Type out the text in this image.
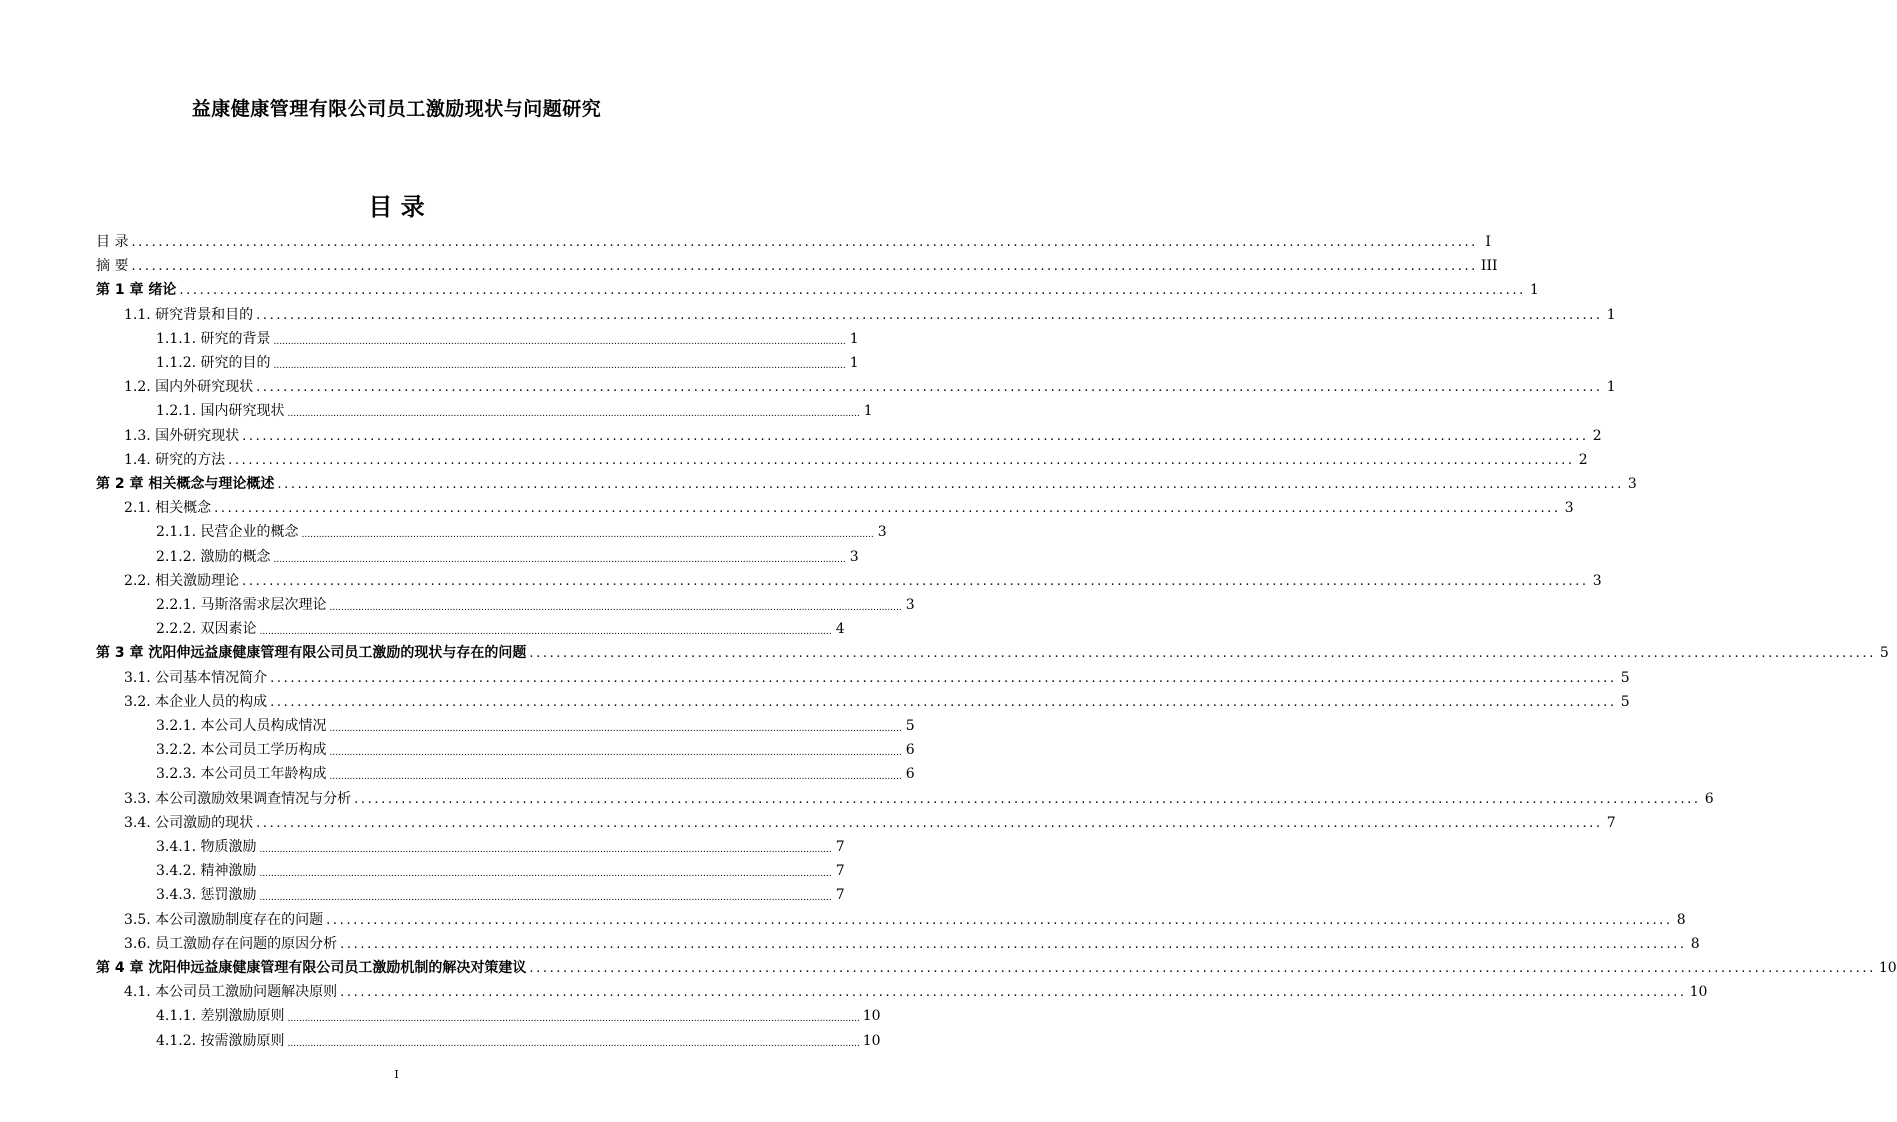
益康健康管理有限公司员工激励现状与问题研究
目 录
目 录 ........................................................................................................................................................................................................ I
摘 要 ........................................................................................................................................................................................................ III
第 1 章 绪论 ........................................................................................................................................................................................................ 1
1.1. 研究背景和目的 ........................................................................................................................................................................................................ 1
1.1.1. 研究的背景 ........................................................................................................................................................................................................ 1
1.1.2. 研究的目的 ........................................................................................................................................................................................................ 1
1.2. 国内外研究现状 ........................................................................................................................................................................................................ 1
1.2.1. 国内研究现状 ........................................................................................................................................................................................................ 1
1.3. 国外研究现状 ........................................................................................................................................................................................................ 2
1.4. 研究的方法 ........................................................................................................................................................................................................ 2
第 2 章 相关概念与理论概述 ........................................................................................................................................................................................................ 3
2.1. 相关概念 ........................................................................................................................................................................................................ 3
2.1.1. 民营企业的概念 ........................................................................................................................................................................................................ 3
2.1.2. 激励的概念 ........................................................................................................................................................................................................ 3
2.2. 相关激励理论 ........................................................................................................................................................................................................ 3
2.2.1. 马斯洛需求层次理论 ........................................................................................................................................................................................................ 3
2.2.2. 双因素论 ........................................................................................................................................................................................................ 4
第 3 章 沈阳伸远益康健康管理有限公司员工激励的现状与存在的问题 ........................................................................................................................................................................................................ 5
3.1. 公司基本情况简介 ........................................................................................................................................................................................................ 5
3.2. 本企业人员的构成 ........................................................................................................................................................................................................ 5
3.2.1. 本公司人员构成情况 ........................................................................................................................................................................................................ 5
3.2.2. 本公司员工学历构成 ........................................................................................................................................................................................................ 6
3.2.3. 本公司员工年龄构成 ........................................................................................................................................................................................................ 6
3.3. 本公司激励效果调查情况与分析 ........................................................................................................................................................................................................ 6
3.4. 公司激励的现状 ........................................................................................................................................................................................................ 7
3.4.1. 物质激励 ........................................................................................................................................................................................................ 7
3.4.2. 精神激励 ........................................................................................................................................................................................................ 7
3.4.3. 惩罚激励 ........................................................................................................................................................................................................ 7
3.5. 本公司激励制度存在的问题 ........................................................................................................................................................................................................ 8
3.6. 员工激励存在问题的原因分析 ........................................................................................................................................................................................................ 8
第 4 章 沈阳伸远益康健康管理有限公司员工激励机制的解决对策建议 ........................................................................................................................................................................................................ 10
4.1. 本公司员工激励问题解决原则 ........................................................................................................................................................................................................ 10
4.1.1. 差别激励原则 ........................................................................................................................................................................................................ 10
4.1.2. 按需激励原则 ........................................................................................................................................................................................................ 10
I
